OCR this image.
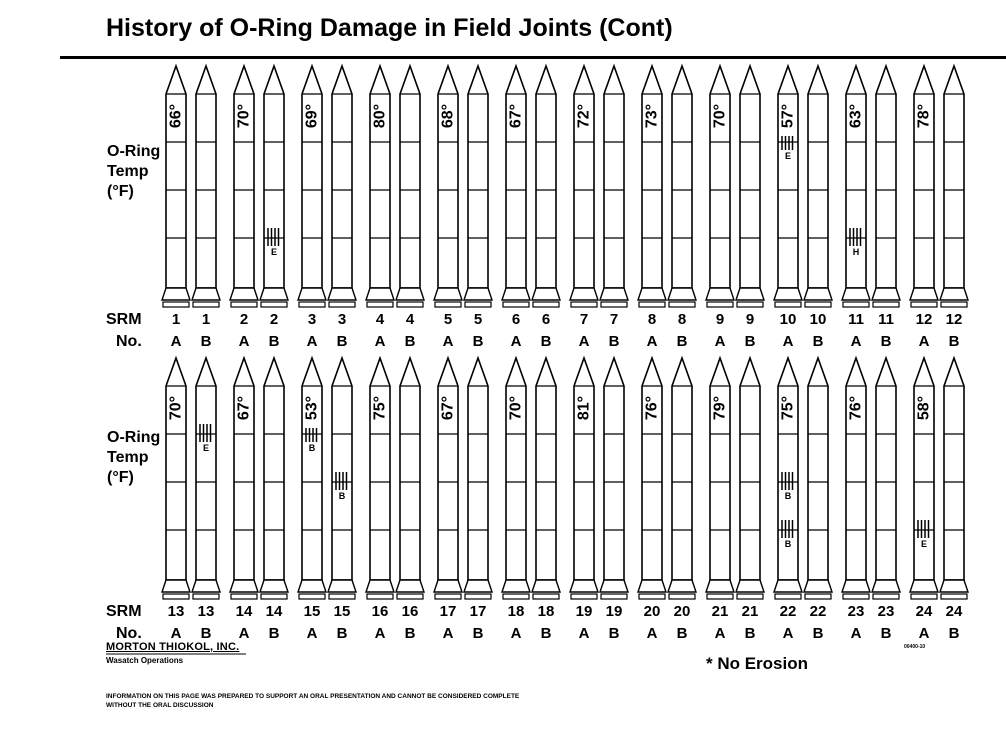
History of O-Ring Damage in Field Joints (Cont)
O-Ring
Temp
(°F)
SRM
No.
66°
1
A
1
B
70°
2
A
E
2
B
69°
3
A
3
B
80°
4
A
4
B
68°
5
A
5
B
67°
6
A
6
B
72°
7
A
7
B
73°
8
A
8
B
70°
9
A
9
B
E
57°
10
A
10
B
H
63°
11
A
11
B
78°
12
A
12
B
O-Ring
Temp
(°F)
SRM
No.
70°
13
A
E
13
B
67°
14
A
14
B
B
53°
15
A
B
15
B
75°
16
A
16
B
67°
17
A
17
B
70°
18
A
18
B
81°
19
A
19
B
76°
20
A
20
B
79°
21
A
21
B
B
B
75°
22
A
22
B
76°
23
A
23
B
E
58°
24
A
24
B
MORTON THIOKOL, INC.
Wasatch Operations
INFORMATION ON THIS PAGE WAS PREPARED TO SUPPORT AN ORAL PRESENTATION AND CANNOT BE CONSIDERED COMPLETE WITHOUT THE ORAL DISCUSSION
* No Erosion
00400-10
